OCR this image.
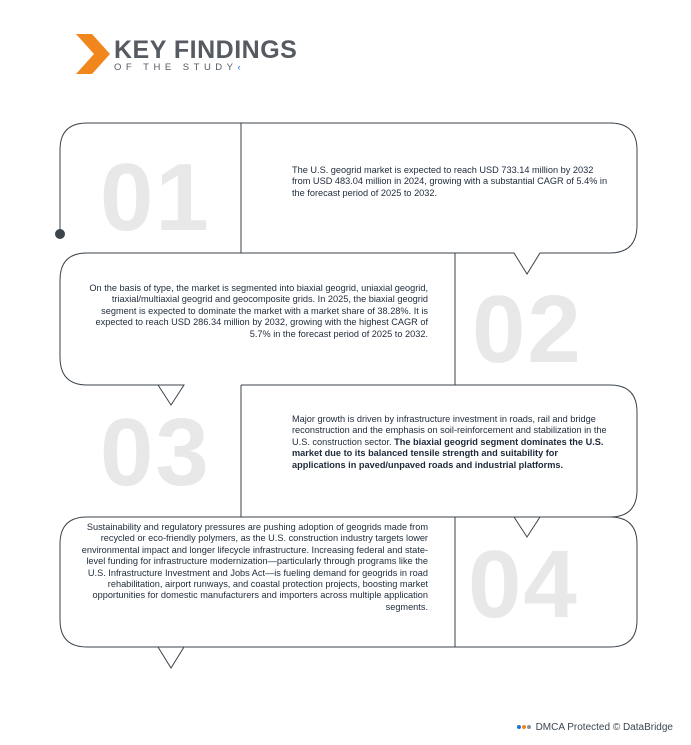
KEY FINDINGS

OF THE STUDY‹

01	The U.S. geogrid market is expected to reach USD 733.14 million by 2032 from USD 483.04 million in 2024, growing with a substantial CAGR of 5.4% in the forecast period of 2025 to 2032.

02

On the basis of type, the market is segmented into biaxial geogrid, uniaxial geogrid, triaxial/multiaxial geogrid and geocomposite grids. In 2025, the biaxial geogrid segment is expected to dominate the market with a market share of 38.28%. It is expected to reach USD 286.34 million by 2032, growing with the highest CAGR of 5.7% in the forecast period of 2025 to 2032.

03	Major growth is driven by infrastructure investment in roads, rail and bridge reconstruction and the emphasis on soil-reinforcement and stabilization in the U.S. construction sector. The biaxial geogrid segment dominates the U.S. market due to its balanced tensile strength and suitability for applications in paved/unpaved roads and industrial platforms.

04

Sustainability and regulatory pressures are pushing adoption of geogrids made from recycled or eco-friendly polymers, as the U.S. construction industry targets lower environmental impact and longer lifecycle infrastructure. Increasing federal and state-level funding for infrastructure modernization—particularly through programs like the U.S. Infrastructure Investment and Jobs Act—is fueling demand for geogrids in road rehabilitation, airport runways, and coastal protection projects, boosting market opportunities for domestic manufacturers and importers across multiple application segments.

DMCA Protected © DataBridge
